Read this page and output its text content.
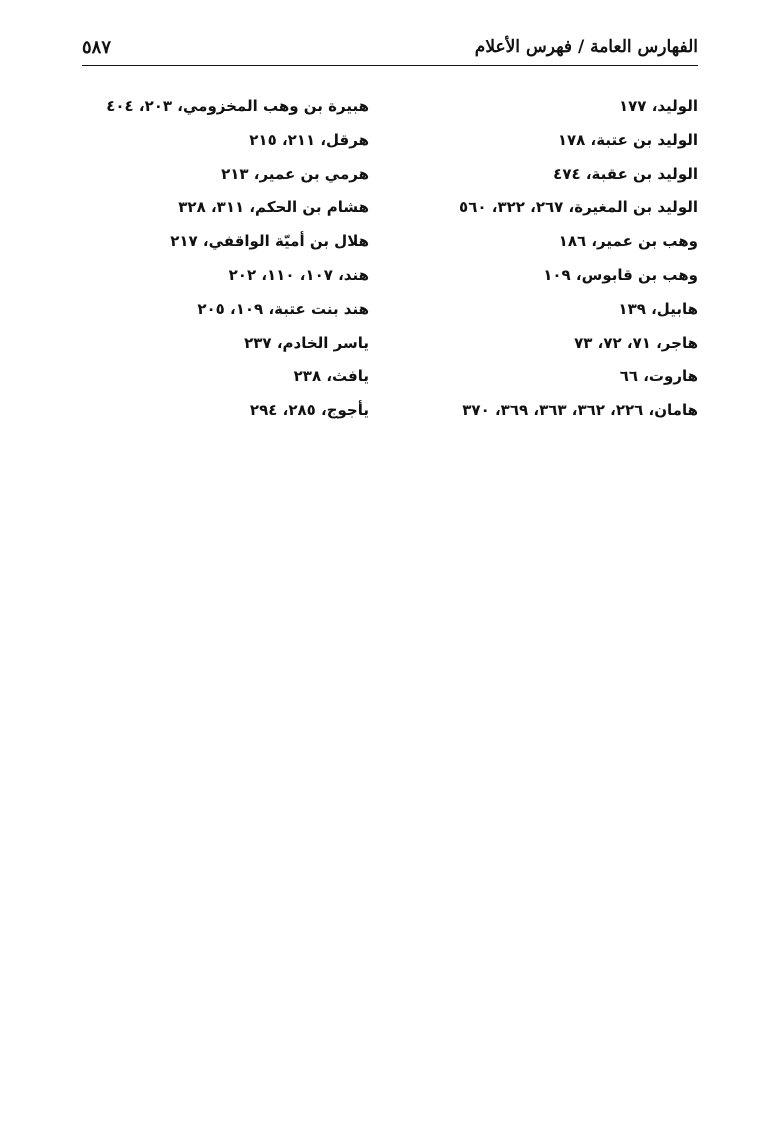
الفهارس العامة / فهرس الأعلام
٥٨٧
الوليد، ١٧٧
الوليد بن عتبة، ١٧٨
الوليد بن عقبة، ٤٧٤
الوليد بن المغيرة، ٢٦٧، ٣٢٢، ٥٦٠
وهب بن عمير، ١٨٦
وهب بن قابوس، ١٠٩
هابيل، ١٣٩
هاجر، ٧١، ٧٢، ٧٣
هاروت، ٦٦
هامان، ٢٢٦، ٣٦٢، ٣٦٣، ٣٦٩، ٣٧٠
هبيرة بن وهب المخزومي، ٢٠٣، ٤٠٤
هرقل، ٢١١، ٢١٥
هرمي بن عمير، ٢١٣
هشام بن الحكم، ٣١١، ٣٢٨
هلال بن أميّة الواقفي، ٢١٧
هند، ١٠٧، ١١٠، ٢٠٢
هند بنت عتبة، ١٠٩، ٢٠٥
ياسر الخادم، ٢٣٧
يافث، ٢٣٨
يأجوج، ٢٨٥، ٢٩٤
